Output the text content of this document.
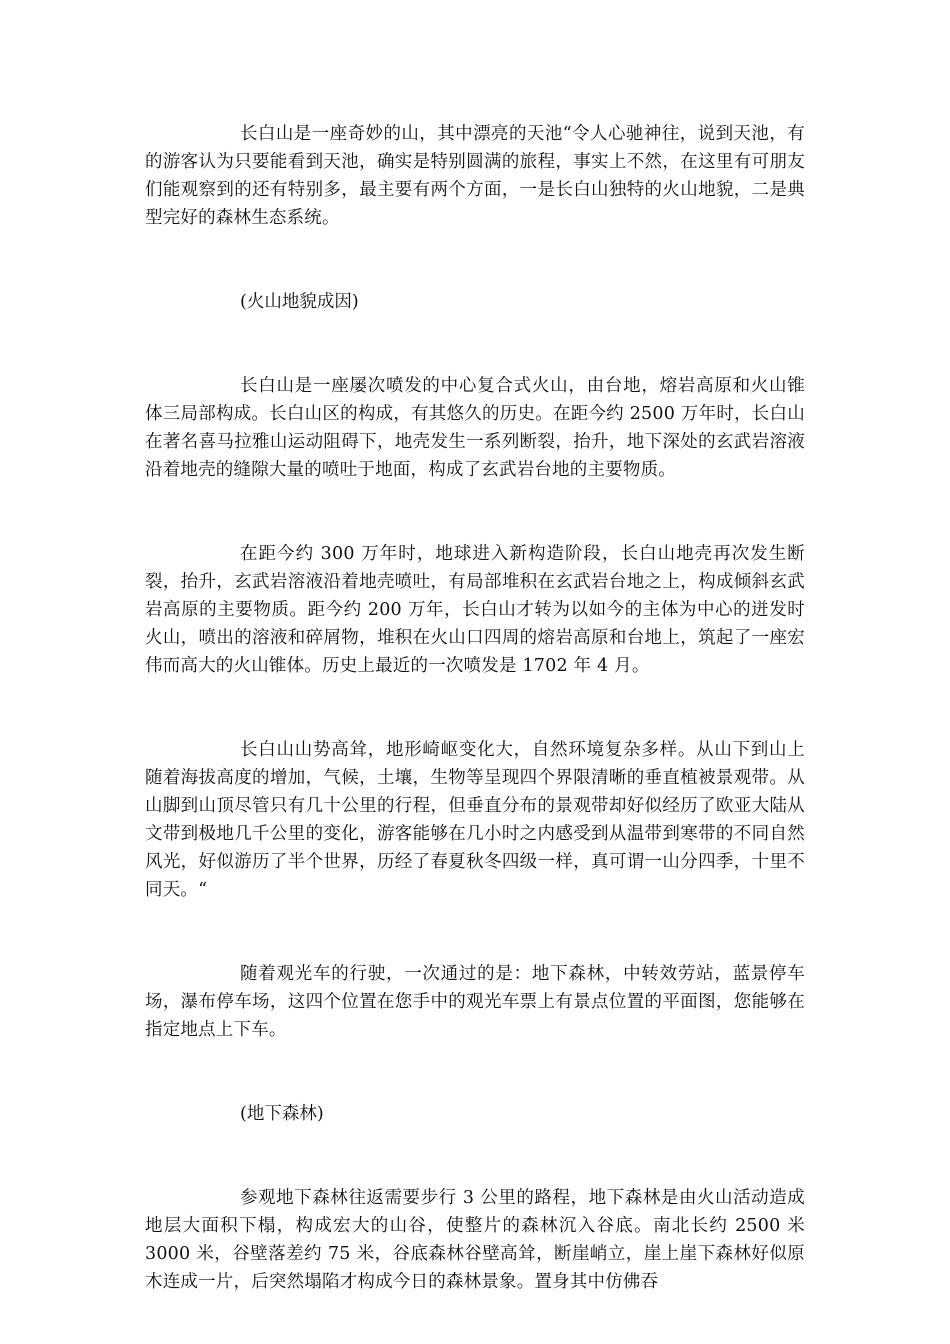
长白山是一座奇妙的山，其中漂亮的天池“令人心驰神往，说到天池，有的游客认为只要能看到天池，确实是特别圆满的旅程，事实上不然，在这里有可朋友们能观察到的还有特别多，最主要有两个方面，一是长白山独特的火山地貌，二是典型完好的森林生态系统。

(火山地貌成因)

长白山是一座屡次喷发的中心复合式火山，由台地，熔岩高原和火山锥体三局部构成。长白山区的构成，有其悠久的历史。在距今约 2500 万年时，长白山在著名喜马拉雅山运动阻碍下，地壳发生一系列断裂，抬升，地下深处的玄武岩溶液沿着地壳的缝隙大量的喷吐于地面，构成了玄武岩台地的主要物质。

在距今约 300 万年时，地球进入新构造阶段，长白山地壳再次发生断裂，抬升，玄武岩溶液沿着地壳喷吐，有局部堆积在玄武岩台地之上，构成倾斜玄武岩高原的主要物质。距今约 200 万年，长白山才转为以如今的主体为中心的迸发时火山，喷出的溶液和碎屑物，堆积在火山口四周的熔岩高原和台地上，筑起了一座宏伟而高大的火山锥体。历史上最近的一次喷发是 1702 年 4 月。

长白山山势高耸，地形崎岖变化大，自然环境复杂多样。从山下到山上随着海拔高度的增加，气候，土壤，生物等呈现四个界限清晰的垂直植被景观带。从山脚到山顶尽管只有几十公里的行程，但垂直分布的景观带却好似经历了欧亚大陆从文带到极地几千公里的变化，游客能够在几小时之内感受到从温带到寒带的不同自然风光，好似游历了半个世界，历经了春夏秋冬四级一样，真可谓一山分四季，十里不同天。“

随着观光车的行驶，一次通过的是：地下森林，中转效劳站，蓝景停车场，瀑布停车场，这四个位置在您手中的观光车票上有景点位置的平面图，您能够在指定地点上下车。

(地下森林)

参观地下森林往返需要步行 3 公里的路程，地下森林是由火山活动造成地层大面积下榻，构成宏大的山谷，使整片的森林沉入谷底。南北长约 2500 米 3000 米，谷壁落差约 75 米，谷底森林谷壁高耸，断崖峭立，崖上崖下森林好似原木连成一片，后突然塌陷才构成今日的森林景象。置身其中仿佛吞
